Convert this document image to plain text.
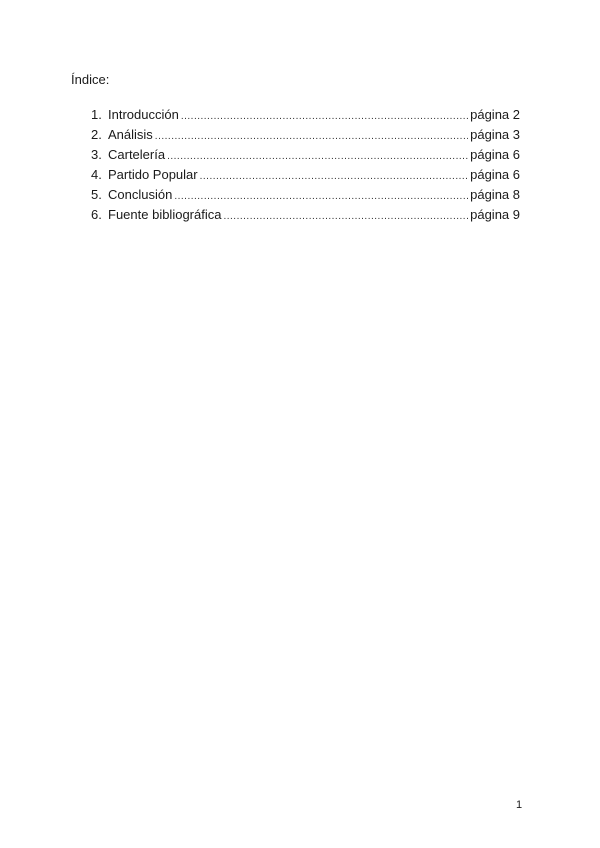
Índice:
1. Introducción .....	página 2
2. Análisis .....	página 3
3. Cartelería .....	página 6
4. Partido Popular .....	página 6
5. Conclusión .....	página 8
6. Fuente bibliográfica .....	página 9
1
